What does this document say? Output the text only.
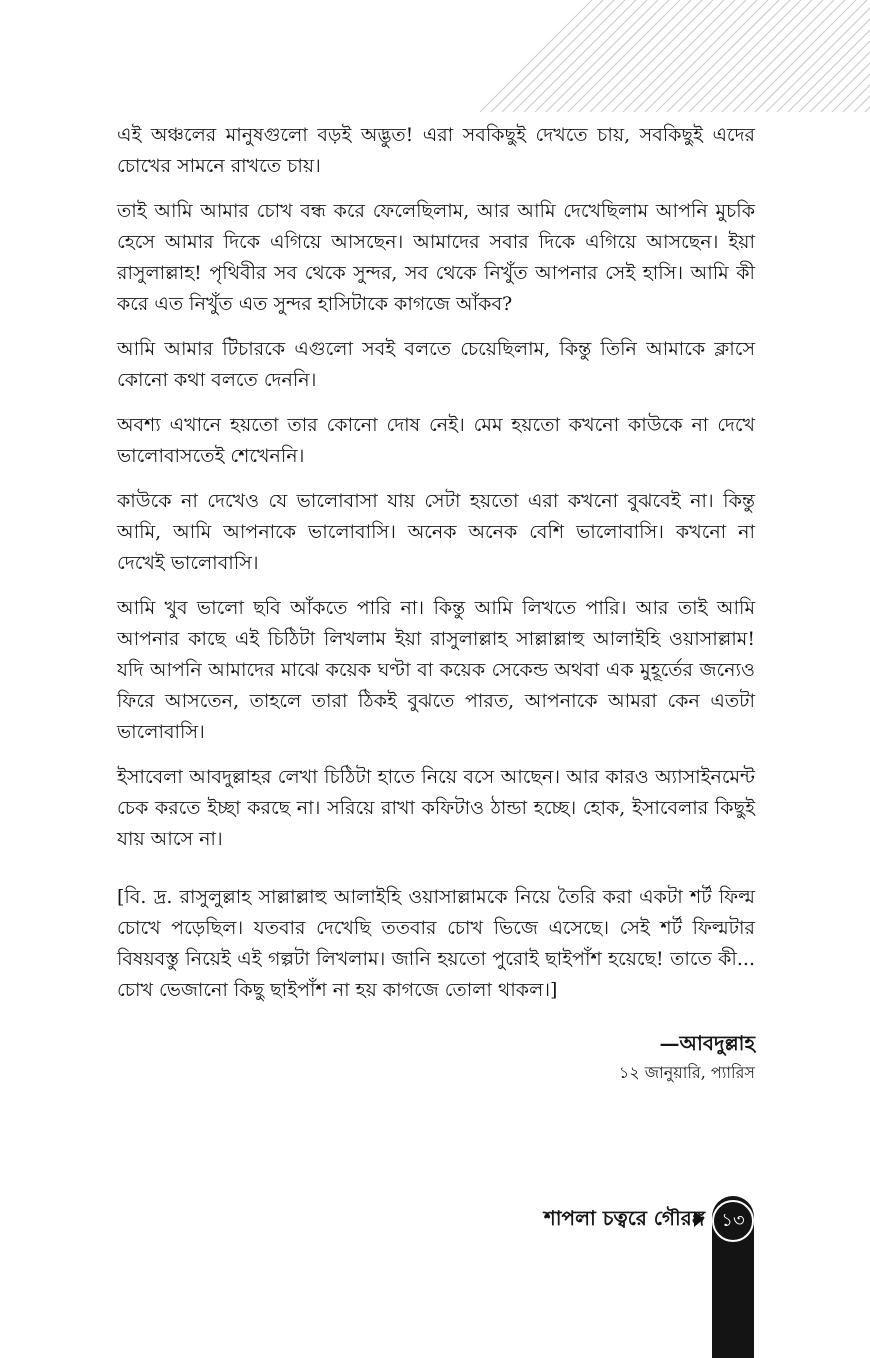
এই অঞ্চলের মানুষগুলো বড়ই অদ্ভুত! এরা সবকিছুই দেখতে চায়, সবকিছুই এদের চোখের সামনে রাখতে চায়।

তাই আমি আমার চোখ বন্ধ করে ফেলেছিলাম, আর আমি দেখেছিলাম আপনি মুচকি হেসে আমার দিকে এগিয়ে আসছেন। আমাদের সবার দিকে এগিয়ে আসছেন। ইয়া রাসুলাল্লাহ! পৃথিবীর সব থেকে সুন্দর, সব থেকে নিখুঁত আপনার সেই হাসি। আমি কী করে এত নিখুঁত এত সুন্দর হাসিটাকে কাগজে আঁকব?

আমি আমার টিচারকে এগুলো সবই বলতে চেয়েছিলাম, কিন্তু তিনি আমাকে ক্লাসে কোনো কথা বলতে দেননি।

অবশ্য এখানে হয়তো তার কোনো দোষ নেই। মেম হয়তো কখনো কাউকে না দেখে ভালোবাসতেই শেখেননি।

কাউকে না দেখেও যে ভালোবাসা যায় সেটা হয়তো এরা কখনো বুঝবেই না। কিন্তু আমি, আমি আপনাকে ভালোবাসি। অনেক অনেক বেশি ভালোবাসি। কখনো না দেখেই ভালোবাসি।

আমি খুব ভালো ছবি আঁকতে পারি না। কিন্তু আমি লিখতে পারি। আর তাই আমি আপনার কাছে এই চিঠিটা লিখলাম ইয়া রাসুলাল্লাহ সাল্লাল্লাহু আলাইহি ওয়াসাল্লাম! যদি আপনি আমাদের মাঝে কয়েক ঘণ্টা বা কয়েক সেকেন্ড অথবা এক মুহূর্তের জন্যেও ফিরে আসতেন, তাহলে তারা ঠিকই বুঝতে পারত, আপনাকে আমরা কেন এতটা ভালোবাসি।

ইসাবেলা আবদুল্লাহর লেখা চিঠিটা হাতে নিয়ে বসে আছেন। আর কারও অ্যাসাইনমেন্ট চেক করতে ইচ্ছা করছে না। সরিয়ে রাখা কফিটাও ঠান্ডা হচ্ছে। হোক, ইসাবেলার কিছুই যায় আসে না।

[বি. দ্র. রাসুলুল্লাহ সাল্লাল্লাহু আলাইহি ওয়াসাল্লামকে নিয়ে তৈরি করা একটা শর্ট ফিল্ম চোখে পড়েছিল। যতবার দেখেছি ততবার চোখ ভিজে এসেছে। সেই শর্ট ফিল্মটার বিষয়বস্তু নিয়েই এই গল্পটা লিখলাম। জানি হয়তো পুরোই ছাইপাঁশ হয়েছে! তাতে কী... চোখ ভেজানো কিছু ছাইপাঁশ না হয় কাগজে তোলা থাকল।]

—আবদুল্লাহ
১২ জানুয়ারি, প্যারিস
শাপলা চত্বরে গৌরঙ্গ ১৩
